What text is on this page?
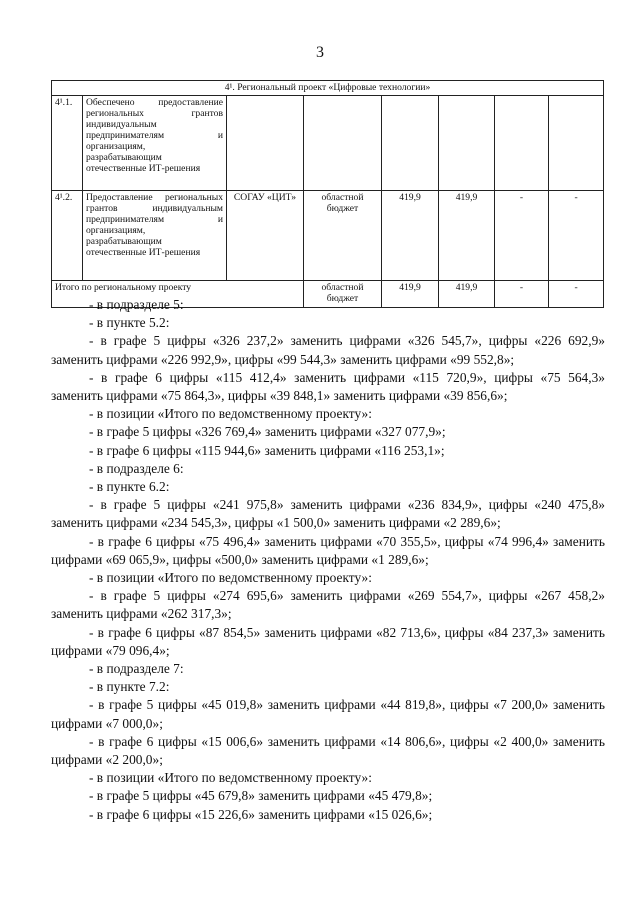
3
4¹. Региональный проект «Цифровые технологии»							
4¹.1.	Обеспечено предоставление региональных грантов индивидуальным предпринимателям и организациям, разрабатывающим отечественные ИТ-решения						
4¹.2.	Предоставление региональных грантов индивидуальным предпринимателям и организациям, разрабатывающим отечественные ИТ-решения	СОГАУ «ЦИТ»	областной бюджет	419,9	419,9	-	-
Итого по региональному проекту			областной бюджет	419,9	419,9	-	-

- в подразделе 5:

- в пункте 5.2:

- в графе 5 цифры «326 237,2» заменить цифрами «326 545,7», цифры «226 692,9» заменить цифрами «226 992,9», цифры «99 544,3» заменить цифрами «99 552,8»;

- в графе 6 цифры «115 412,4» заменить цифрами «115 720,9», цифры «75 564,3» заменить цифрами «75 864,3», цифры «39 848,1» заменить цифрами «39 856,6»;

- в позиции «Итого по ведомственному проекту»:

- в графе 5 цифры «326 769,4» заменить цифрами «327 077,9»;

- в графе 6 цифры «115 944,6» заменить цифрами «116 253,1»;

- в подразделе 6:

- в пункте 6.2:

- в графе 5 цифры «241 975,8» заменить цифрами «236 834,9», цифры «240 475,8» заменить цифрами «234 545,3», цифры «1 500,0» заменить цифрами «2 289,6»;

- в графе 6 цифры «75 496,4» заменить цифрами «70 355,5», цифры «74 996,4» заменить цифрами «69 065,9», цифры «500,0» заменить цифрами «1 289,6»;

- в позиции «Итого по ведомственному проекту»:

- в графе 5 цифры «274 695,6» заменить цифрами «269 554,7», цифры «267 458,2» заменить цифрами «262 317,3»;

- в графе 6 цифры «87 854,5» заменить цифрами «82 713,6», цифры «84 237,3» заменить цифрами «79 096,4»;

- в подразделе 7:

- в пункте 7.2:

- в графе 5 цифры «45 019,8» заменить цифрами «44 819,8», цифры «7 200,0» заменить цифрами «7 000,0»;

- в графе 6 цифры «15 006,6» заменить цифрами «14 806,6», цифры «2 400,0» заменить цифрами «2 200,0»;

- в позиции «Итого по ведомственному проекту»:

- в графе 5 цифры «45 679,8» заменить цифрами «45 479,8»;

- в графе 6 цифры «15 226,6» заменить цифрами «15 026,6»;
